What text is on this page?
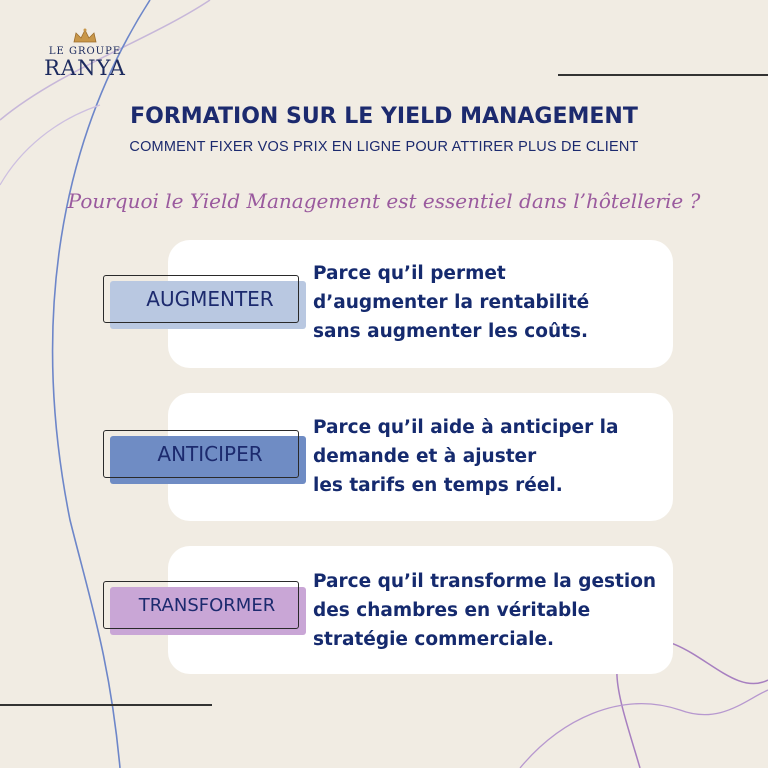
LE GROUPE
RANYA
FORMATION SUR LE YIELD MANAGEMENT
COMMENT FIXER VOS PRIX EN LIGNE POUR ATTIRER PLUS DE CLIENT
Pourquoi le Yield Management est essentiel dans l’hôtellerie ?
AUGMENTER
Parce qu’il permet
d’augmenter la rentabilité
sans augmenter les coûts.
ANTICIPER
Parce qu’il aide à anticiper la
demande et à ajuster
les tarifs en temps réel.
TRANSFORMER
Parce qu’il transforme la gestion
des chambres en véritable
stratégie commerciale.
